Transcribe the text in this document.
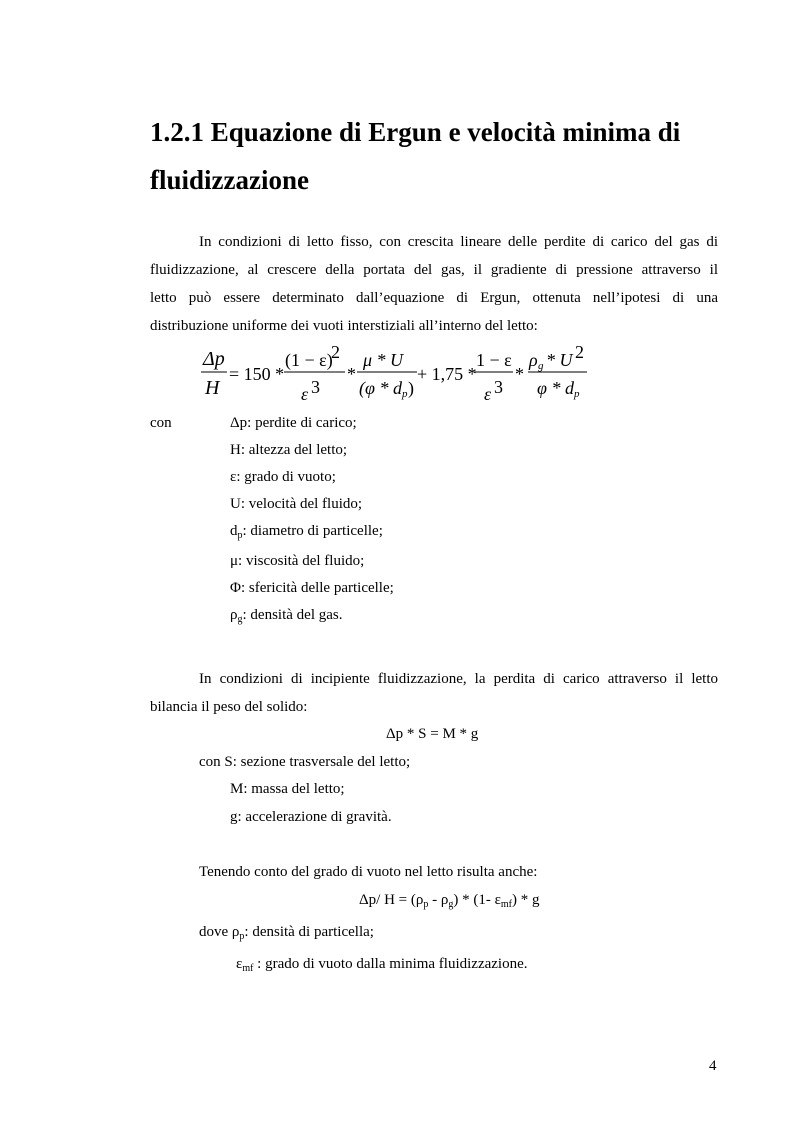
1.2.1 Equazione di Ergun e velocità minima di
fluidizzazione
In condizioni di letto fisso, con crescita lineare delle perdite di carico del gas di
fluidizzazione, al crescere della portata del gas, il gradiente di pressione attraverso il
letto può essere determinato dall’equazione di Ergun, ottenuta nell’ipotesi di una
distribuzione uniforme dei vuoti interstiziali all’interno del letto:
Δp
H
= 150 *
(1 − ε)
2
ε 3
*
μ * U
(φ * d p )
+ 1,75 *
1 − ε
ε 3
*
ρ g * U 2
φ * d p
con	Δp: perdite di carico;
H: altezza del letto;
ε: grado di vuoto;
U: velocità del fluido;
$d_p$: diametro di particelle;
μ: viscosità del fluido;
Φ: sfericità delle particelle;
$\rho_g$: densità del gas.
In condizioni di incipiente fluidizzazione, la perdita di carico attraverso il letto
bilancia il peso del solido:
Δp * S = M * g
con S: sezione trasversale del letto;
M: massa del letto;
g: accelerazione di gravità.
Tenendo conto del grado di vuoto nel letto risulta anche:
Δp/ $H = (\rho_p - \rho_g) * (1-$ $\varepsilon_{mf}$) * g
dove $\rho_p$: densità di particella;
$\varepsilon_{mf}$ : grado di vuoto dalla minima fluidizzazione.
4
